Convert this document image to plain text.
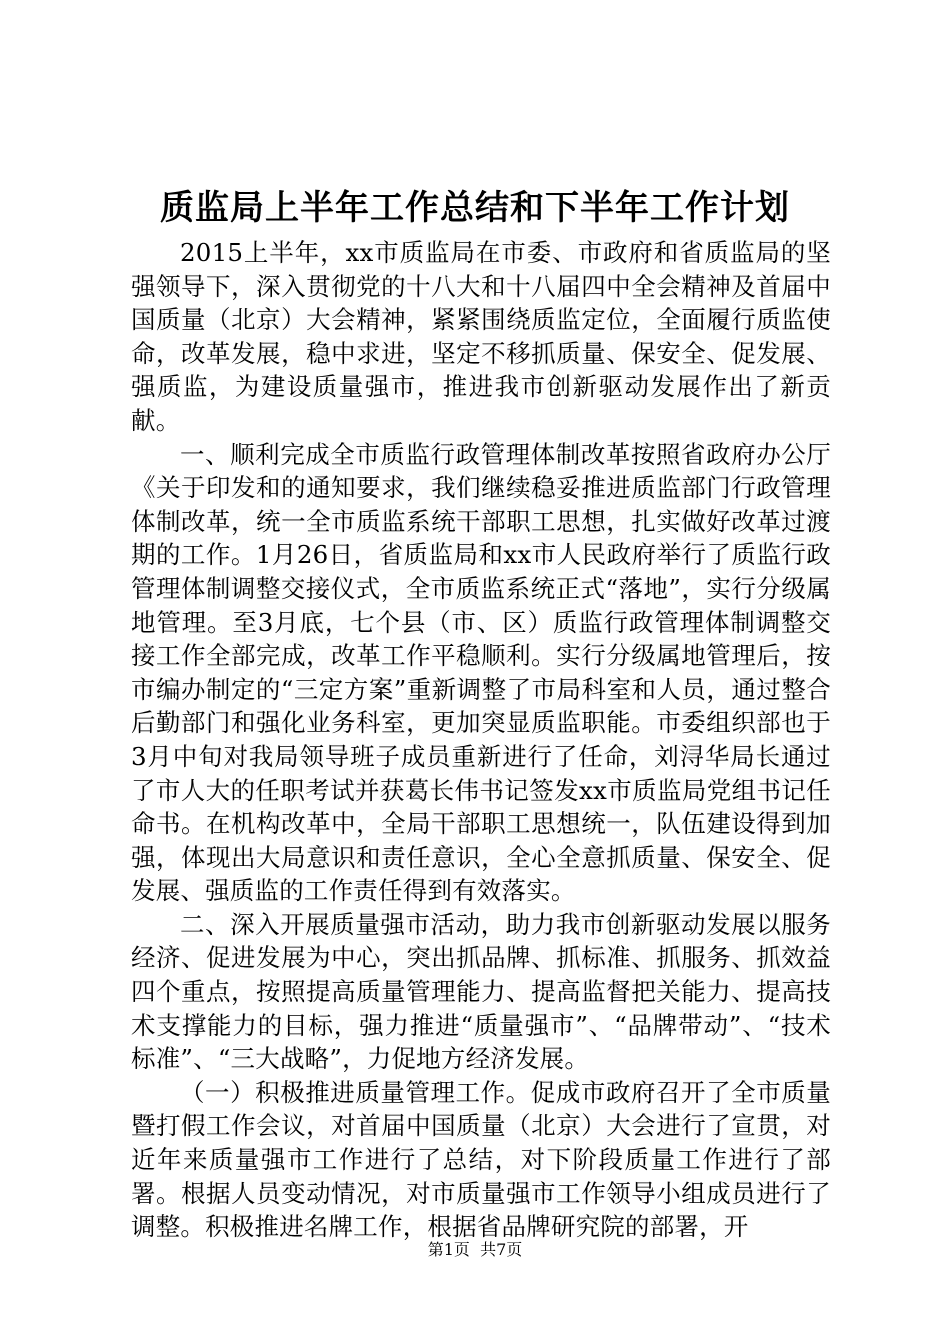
质监局上半年工作总结和下半年工作计划

2015上半年，xx市质监局在市委、市政府和省质监局的坚强领导下，深入贯彻党的十八大和十八届四中全会精神及首届中国质量（北京）大会精神，紧紧围绕质监定位，全面履行质监使命，改革发展，稳中求进，坚定不移抓质量、保安全、促发展、强质监，为建设质量强市，推进我市创新驱动发展作出了新贡献。

一、顺利完成全市质监行政管理体制改革按照省政府办公厅《关于印发和的通知要求，我们继续稳妥推进质监部门行政管理体制改革，统一全市质监系统干部职工思想，扎实做好改革过渡期的工作。1月26日，省质监局和xx市人民政府举行了质监行政管理体制调整交接仪式，全市质监系统正式“落地”，实行分级属地管理。至3月底，七个县（市、区）质监行政管理体制调整交接工作全部完成，改革工作平稳顺利。实行分级属地管理后，按市编办制定的“三定方案”重新调整了市局科室和人员，通过整合后勤部门和强化业务科室，更加突显质监职能。市委组织部也于3月中旬对我局领导班子成员重新进行了任命，刘浔华局长通过了市人大的任职考试并获葛长伟书记签发xx市质监局党组书记任命书。在机构改革中，全局干部职工思想统一，队伍建设得到加强，体现出大局意识和责任意识，全心全意抓质量、保安全、促发展、强质监的工作责任得到有效落实。

二、深入开展质量强市活动，助力我市创新驱动发展以服务经济、促进发展为中心，突出抓品牌、抓标准、抓服务、抓效益四个重点，按照提高质量管理能力、提高监督把关能力、提高技术支撑能力的目标，强力推进“质量强市”、“品牌带动”、“技术标准”、“三大战略”，力促地方经济发展。

（一）积极推进质量管理工作。促成市政府召开了全市质量暨打假工作会议，对首届中国质量（北京）大会进行了宣贯，对近年来质量强市工作进行了总结，对下阶段质量工作进行了部署。根据人员变动情况，对市质量强市工作领导小组成员进行了调整。积极推进名牌工作，根据省品牌研究院的部署，开

第1页  共7页
